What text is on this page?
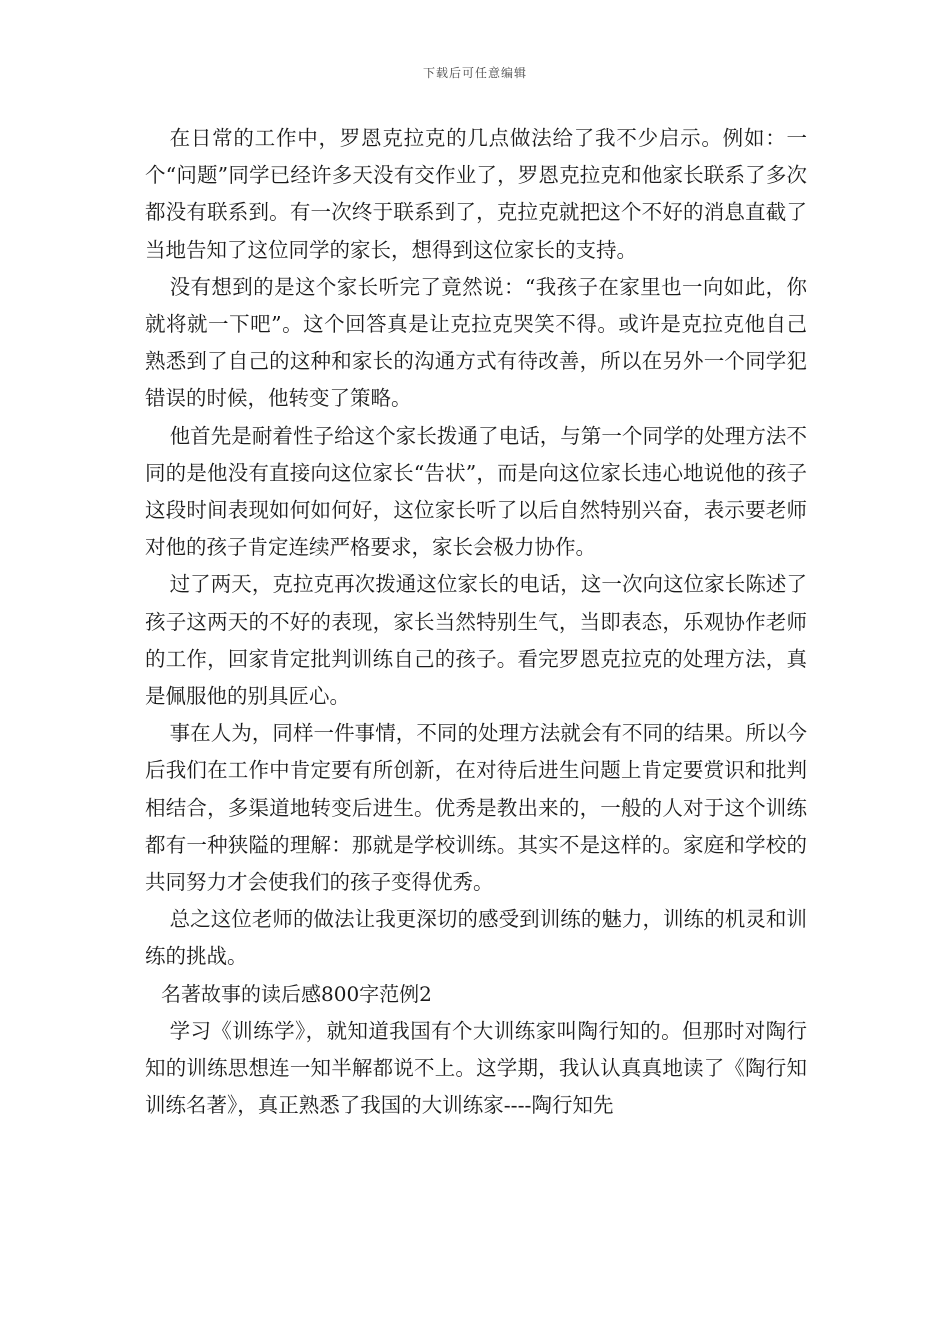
下载后可任意编辑

在日常的工作中，罗恩克拉克的几点做法给了我不少启示。例如：一个“问题”同学已经许多天没有交作业了，罗恩克拉克和他家长联系了多次都没有联系到。有一次终于联系到了，克拉克就把这个不好的消息直截了当地告知了这位同学的家长，想得到这位家长的支持。

没有想到的是这个家长听完了竟然说：“我孩子在家里也一向如此，你就将就一下吧”。这个回答真是让克拉克哭笑不得。或许是克拉克他自己熟悉到了自己的这种和家长的沟通方式有待改善，所以在另外一个同学犯错误的时候，他转变了策略。

他首先是耐着性子给这个家长拨通了电话，与第一个同学的处理方法不同的是他没有直接向这位家长“告状”，而是向这位家长违心地说他的孩子这段时间表现如何如何好，这位家长听了以后自然特别兴奋，表示要老师对他的孩子肯定连续严格要求，家长会极力协作。

过了两天，克拉克再次拨通这位家长的电话，这一次向这位家长陈述了孩子这两天的不好的表现，家长当然特别生气，当即表态，乐观协作老师的工作，回家肯定批判训练自己的孩子。看完罗恩克拉克的处理方法，真是佩服他的别具匠心。

事在人为，同样一件事情，不同的处理方法就会有不同的结果。所以今后我们在工作中肯定要有所创新，在对待后进生问题上肯定要赏识和批判相结合，多渠道地转变后进生。优秀是教出来的，一般的人对于这个训练都有一种狭隘的理解：那就是学校训练。其实不是这样的。家庭和学校的共同努力才会使我们的孩子变得优秀。

总之这位老师的做法让我更深切的感受到训练的魅力，训练的机灵和训练的挑战。

名著故事的读后感800字范例2

学习《训练学》，就知道我国有个大训练家叫陶行知的。但那时对陶行知的训练思想连一知半解都说不上。这学期，我认认真真地读了《陶行知训练名著》，真正熟悉了我国的大训练家----陶行知先
